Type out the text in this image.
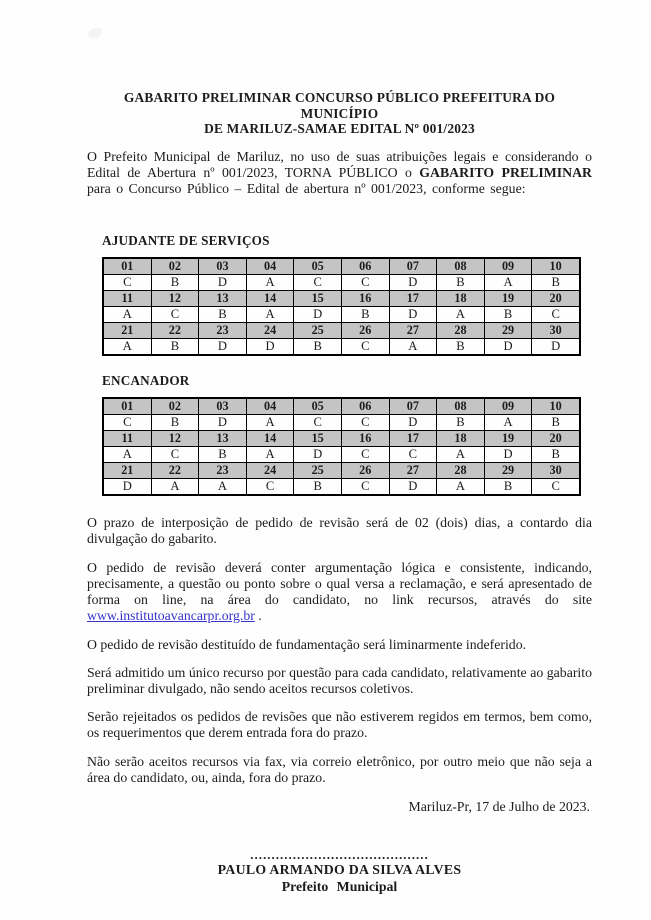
GABARITO PRELIMINAR CONCURSO PÚBLICO PREFEITURA DO MUNICÍPIO
DE MARILUZ-SAMAE EDITAL Nº 001/2023

O Prefeito Municipal de Mariluz, no uso de suas atribuições legais e considerando o Edital de Abertura nº 001/2023, TORNA PÚBLICO o GABARITO PRELIMINAR para o Concurso Público – Edital de abertura nº 001/2023, conforme segue:

AJUDANTE DE SERVIÇOS
01	02	03	04	05	06	07	08	09	10
C	B	D	A	C	C	D	B	A	B
11	12	13	14	15	16	17	18	19	20
A	C	B	A	D	B	D	A	B	C
21	22	23	24	25	26	27	28	29	30
A	B	D	D	B	C	A	B	D	D
ENCANADOR
01	02	03	04	05	06	07	08	09	10
C	B	D	A	C	C	D	B	A	B
11	12	13	14	15	16	17	18	19	20
A	C	B	A	D	C	C	A	D	B
21	22	23	24	25	26	27	28	29	30
D	A	A	C	B	C	D	A	B	C

O prazo de interposição de pedido de revisão será de 02 (dois) dias, a contardo dia divulgação do gabarito.

O pedido de revisão deverá conter argumentação lógica e consistente, indicando, precisamente, a questão ou ponto sobre o qual versa a reclamação, e será apresentado de forma on line, na área do candidato, no link recursos, através do site www.institutoavancarpr.org.br .

O pedido de revisão destituído de fundamentação será liminarmente indeferido.

Será admitido um único recurso por questão para cada candidato, relativamente ao gabarito preliminar divulgado, não sendo aceitos recursos coletivos.

Serão rejeitados os pedidos de revisões que não estiverem regidos em termos, bem como, os requerimentos que derem entrada fora do prazo.

Não serão aceitos recursos via fax, via correio eletrônico, por outro meio que não seja a área do candidato, ou, ainda, fora do prazo.

Mariluz-Pr, 17 de Julho de 2023.
..........................................
PAULO ARMANDO DA SILVA ALVES
Prefeito Municipal
